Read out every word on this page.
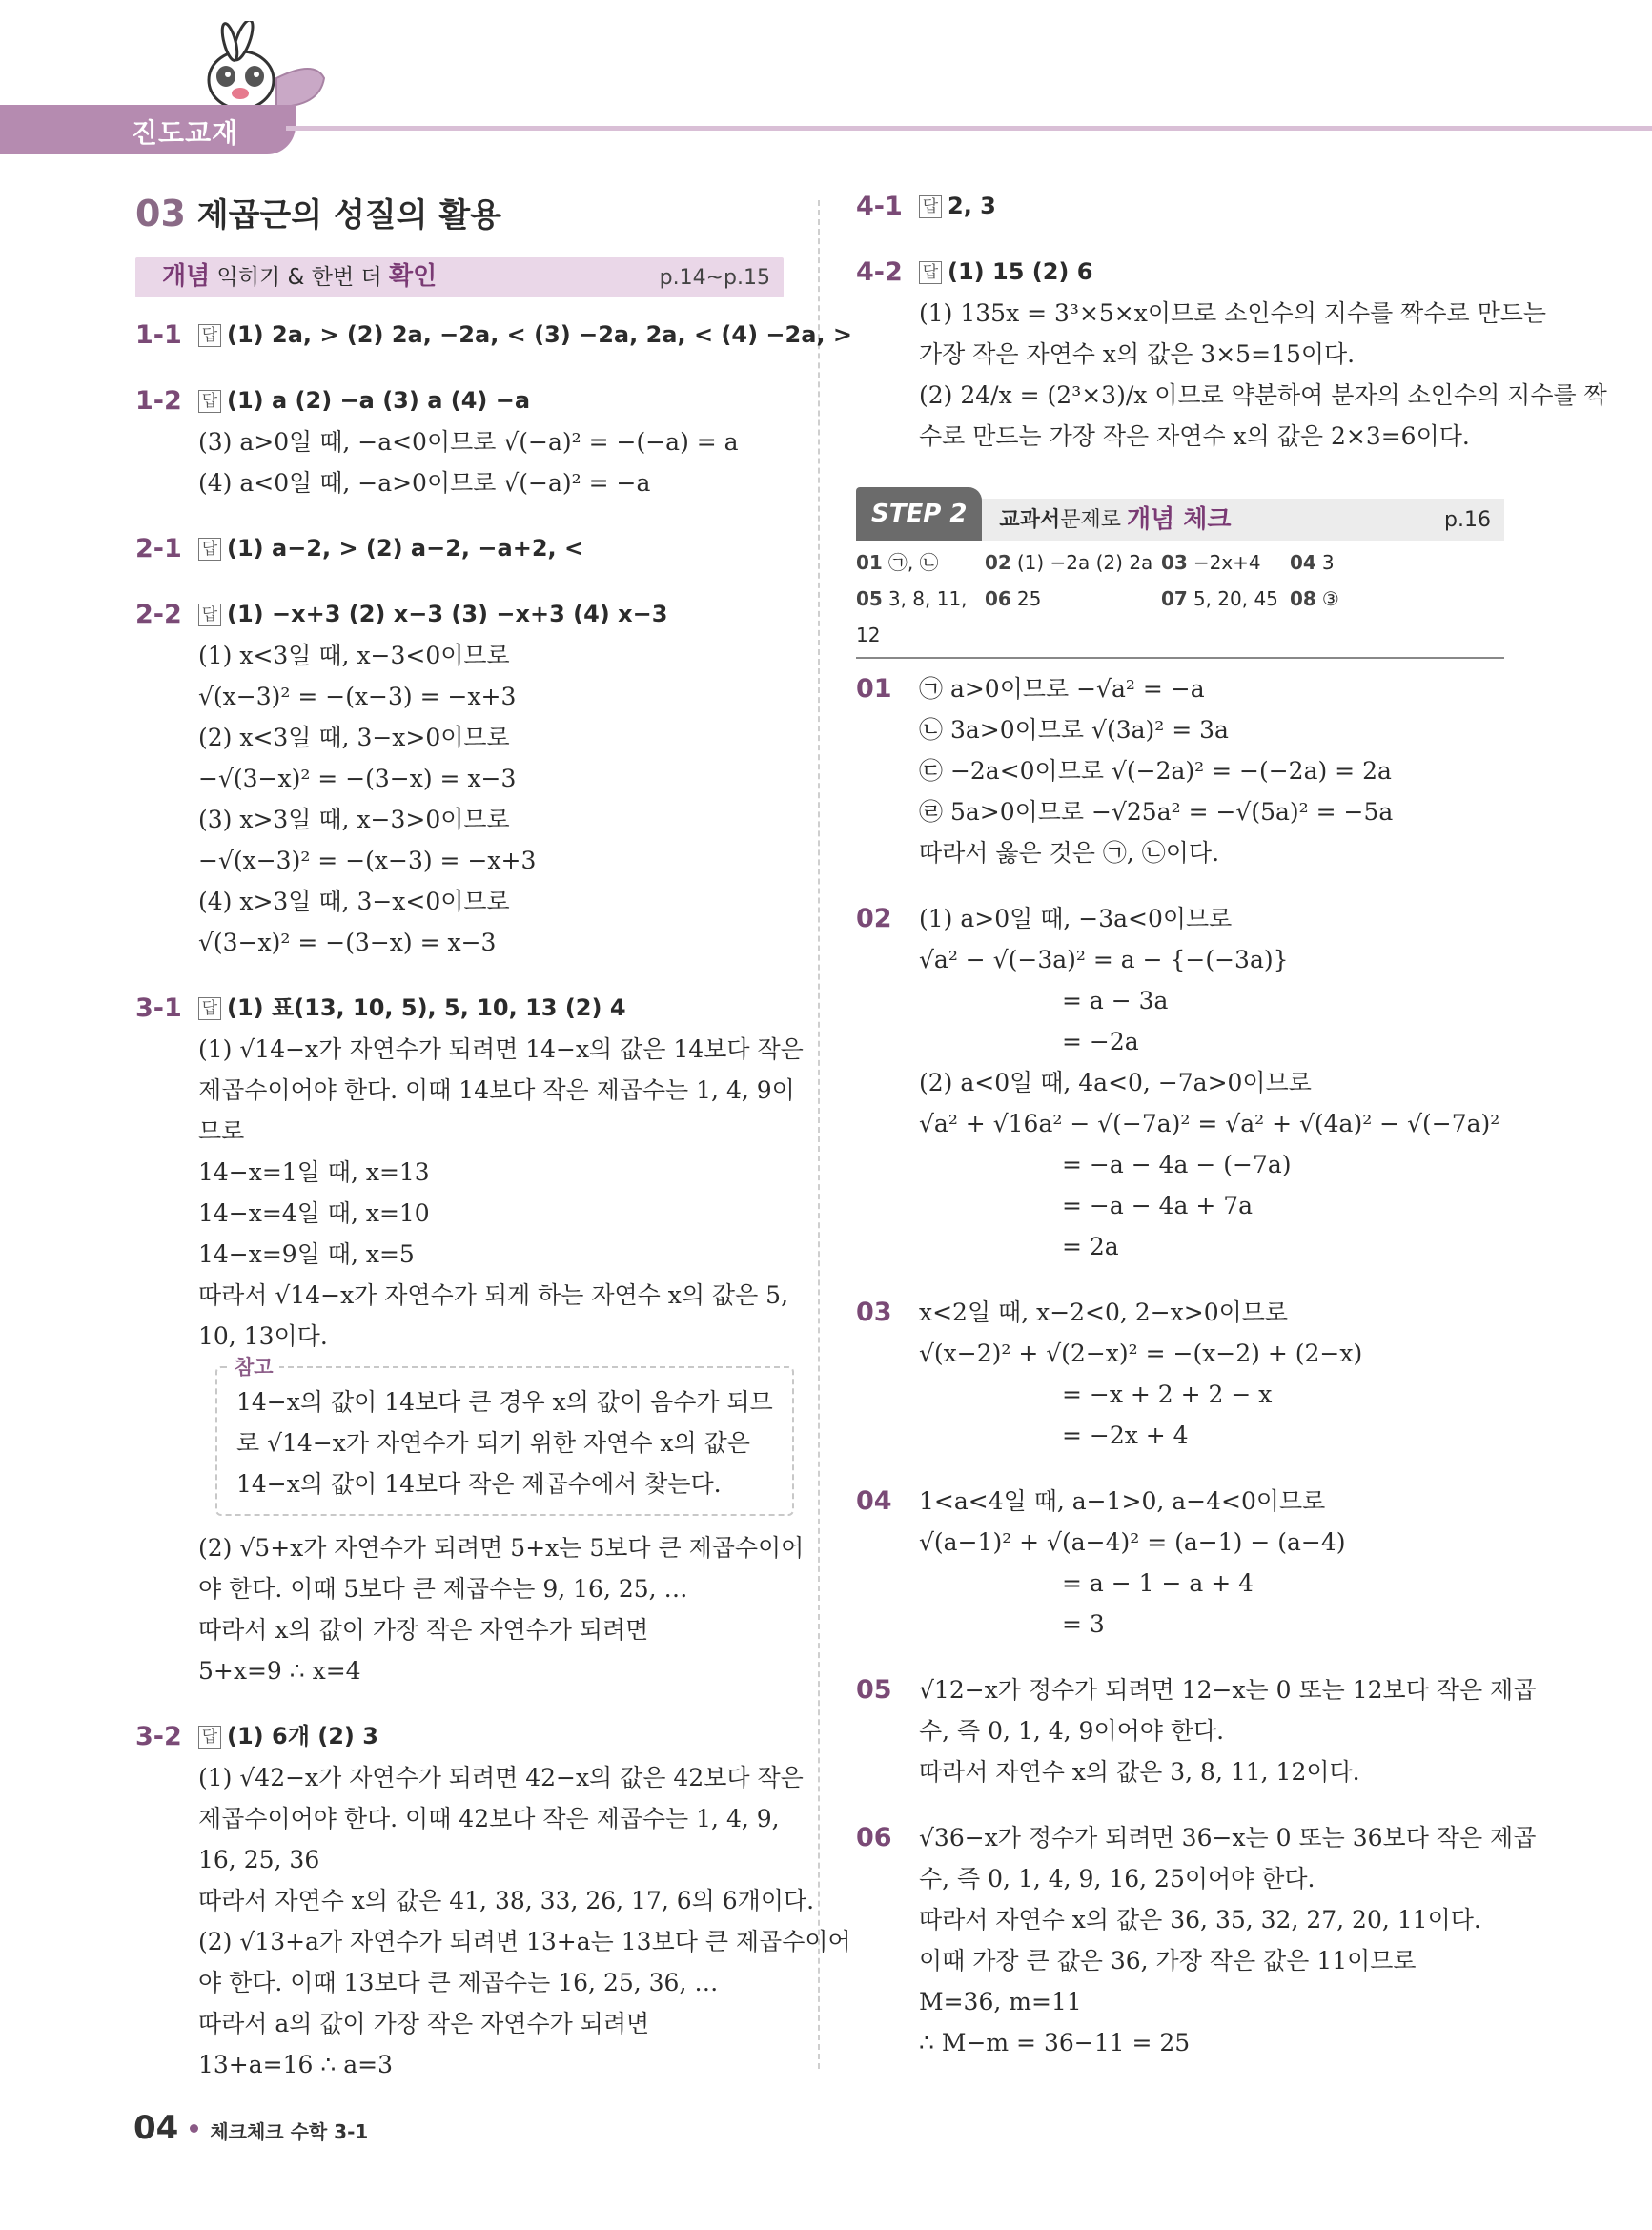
진도교재
03 제곱근의 성질의 활용
개념 익히기 & 한번 더 확인	p.14~p.15
1-1	답 (1) 2a, > (2) 2a, −2a, < (3) −2a, 2a, < (4) −2a, >
1-2	답 (1) a (2) −a (3) a (4) −a
(3) a>0일 때, −a<0이므로 √(−a)² = −(−a) = a
(4) a<0일 때, −a>0이므로 √(−a)² = −a
2-1	답 (1) a−2, > (2) a−2, −a+2, <
2-2	답 (1) −x+3 (2) x−3 (3) −x+3 (4) x−3
(1) x<3일 때, x−3<0이므로
√(x−3)² = −(x−3) = −x+3
(2) x<3일 때, 3−x>0이므로
−√(3−x)² = −(3−x) = x−3
(3) x>3일 때, x−3>0이므로
−√(x−3)² = −(x−3) = −x+3
(4) x>3일 때, 3−x<0이므로
√(3−x)² = −(3−x) = x−3
3-1	답 (1) 표(13, 10, 5), 5, 10, 13 (2) 4
(1) √14−x가 자연수가 되려면 14−x의 값은 14보다 작은
제곱수이어야 한다. 이때 14보다 작은 제곱수는 1, 4, 9이
므로
14−x=1일 때, x=13
14−x=4일 때, x=10
14−x=9일 때, x=5
따라서 √14−x가 자연수가 되게 하는 자연수 x의 값은 5,
10, 13이다.
참고
14−x의 값이 14보다 큰 경우 x의 값이 음수가 되므
로 √14−x가 자연수가 되기 위한 자연수 x의 값은
14−x의 값이 14보다 작은 제곱수에서 찾는다.
(2) √5+x가 자연수가 되려면 5+x는 5보다 큰 제곱수이어
야 한다. 이때 5보다 큰 제곱수는 9, 16, 25, …
따라서 x의 값이 가장 작은 자연수가 되려면
5+x=9 ∴ x=4
3-2	답 (1) 6개 (2) 3
(1) √42−x가 자연수가 되려면 42−x의 값은 42보다 작은
제곱수이어야 한다. 이때 42보다 작은 제곱수는 1, 4, 9,
16, 25, 36
따라서 자연수 x의 값은 41, 38, 33, 26, 17, 6의 6개이다.
(2) √13+a가 자연수가 되려면 13+a는 13보다 큰 제곱수이어
야 한다. 이때 13보다 큰 제곱수는 16, 25, 36, …
따라서 a의 값이 가장 작은 자연수가 되려면
13+a=16 ∴ a=3
4-1	답 2, 3
4-2	답 (1) 15 (2) 6
(1) 135x = 3³×5×x이므로 소인수의 지수를 짝수로 만드는
가장 작은 자연수 x의 값은 3×5=15이다.
(2) 24/x = (2³×3)/x 이므로 약분하여 분자의 소인수의 지수를 짝
수로 만드는 가장 작은 자연수 x의 값은 2×3=6이다.
STEP 2	교과서 문제로 개념 체크	p.16
01 ㉠, ㉡	02 (1) −2a (2) 2a 03 −2x+4	04 3
05 3, 8, 11, 12
06 25	07 5, 20, 45 08 ③
01	㉠ a>0이므로 −√a² = −a
㉡ 3a>0이므로 √(3a)² = 3a
㉢ −2a<0이므로 √(−2a)² = −(−2a) = 2a
㉣ 5a>0이므로 −√25a² = −√(5a)² = −5a
따라서 옳은 것은 ㉠, ㉡이다.
02	(1) a>0일 때, −3a<0이므로
√a² − √(−3a)² = a − {−(−3a)}
= a − 3a
= −2a
(2) a<0일 때, 4a<0, −7a>0이므로
√a² + √16a² − √(−7a)² = √a² + √(4a)² − √(−7a)²
= −a − 4a − (−7a)
= −a − 4a + 7a
= 2a
03	x<2일 때, x−2<0, 2−x>0이므로
√(x−2)² + √(2−x)² = −(x−2) + (2−x)
= −x + 2 + 2 − x
= −2x + 4
04	1<a<4일 때, a−1>0, a−4<0이므로
√(a−1)² + √(a−4)² = (a−1) − (a−4)
= a − 1 − a + 4
= 3
05	√12−x가 정수가 되려면 12−x는 0 또는 12보다 작은 제곱
수, 즉 0, 1, 4, 9이어야 한다.
따라서 자연수 x의 값은 3, 8, 11, 12이다.
06	√36−x가 정수가 되려면 36−x는 0 또는 36보다 작은 제곱
수, 즉 0, 1, 4, 9, 16, 25이어야 한다.
따라서 자연수 x의 값은 36, 35, 32, 27, 20, 11이다.
이때 가장 큰 값은 36, 가장 작은 값은 11이므로
M=36, m=11
∴ M−m = 36−11 = 25
04 체크체크 수학 3-1
